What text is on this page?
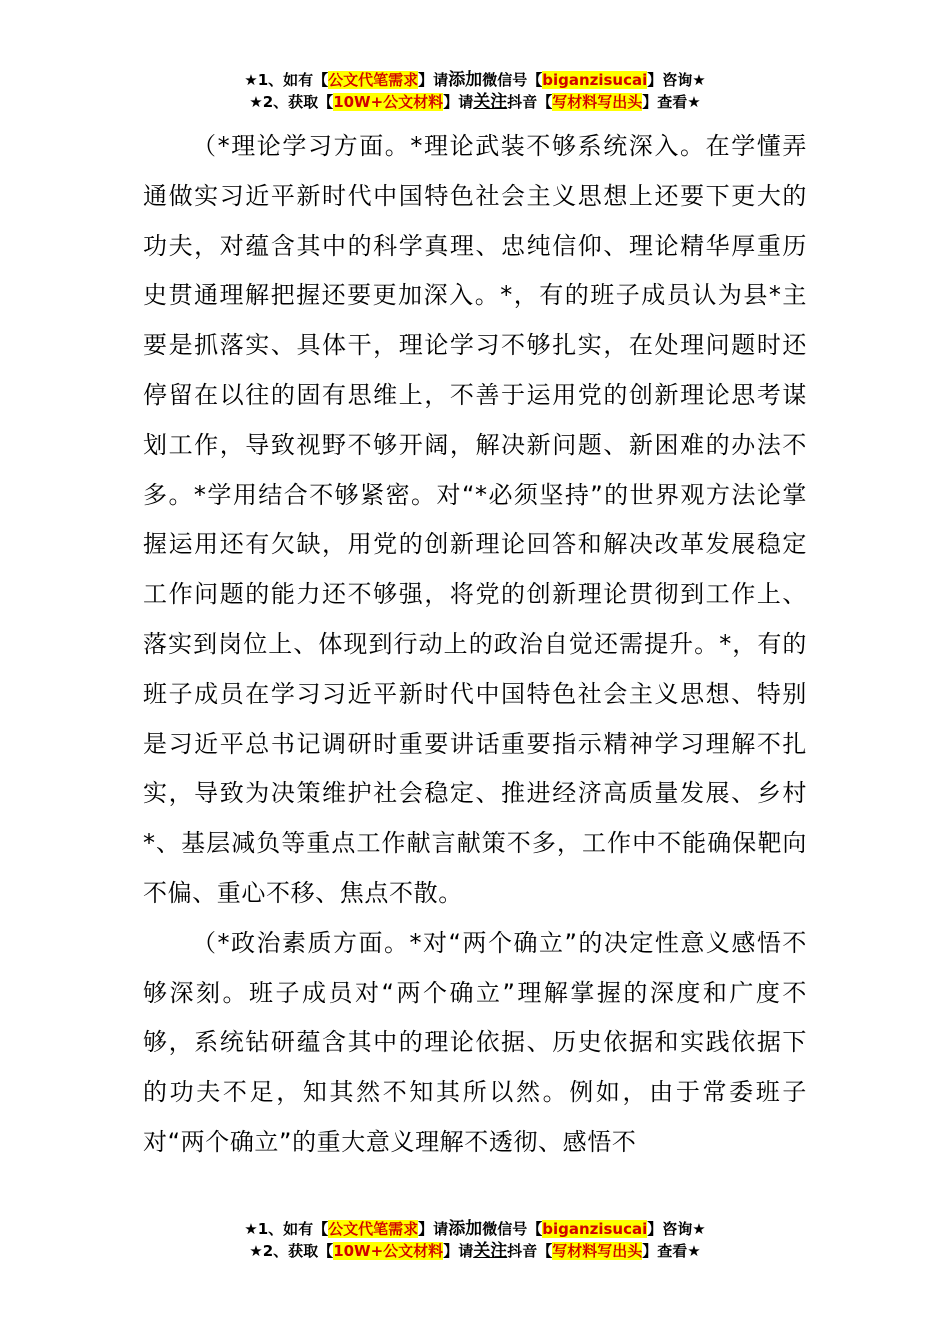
★1、如有【公文代笔需求】请添加微信号【biganzisucai】咨询★
★2、获取【10W+公文材料】请关注抖音【写材料写出头】查看★

（*理论学习方面。*理论武装不够系统深入。在学懂弄通做实习近平新时代中国特色社会主义思想上还要下更大的功夫，对蕴含其中的科学真理、忠纯信仰、理论精华厚重历史贯通理解把握还要更加深入。*，有的班子成员认为县*主要是抓落实、具体干，理论学习不够扎实，在处理问题时还停留在以往的固有思维上，不善于运用党的创新理论思考谋划工作，导致视野不够开阔，解决新问题、新困难的办法不多。*学用结合不够紧密。对“*必须坚持”的世界观方法论掌握运用还有欠缺，用党的创新理论回答和解决改革发展稳定工作问题的能力还不够强，将党的创新理论贯彻到工作上、落实到岗位上、体现到行动上的政治自觉还需提升。*，有的班子成员在学习习近平新时代中国特色社会主义思想、特别是习近平总书记调研时重要讲话重要指示精神学习理解不扎实，导致为决策维护社会稳定、推进经济高质量发展、乡村*、基层减负等重点工作献言献策不多，工作中不能确保靶向不偏、重心不移、焦点不散。

（*政治素质方面。*对“两个确立”的决定性意义感悟不够深刻。班子成员对“两个确立”理解掌握的深度和广度不够，系统钻研蕴含其中的理论依据、历史依据和实践依据下的功夫不足，知其然不知其所以然。例如，由于常委班子对“两个确立”的重大意义理解不透彻、感悟不

★1、如有【公文代笔需求】请添加微信号【biganzisucai】咨询★
★2、获取【10W+公文材料】请关注抖音【写材料写出头】查看★
